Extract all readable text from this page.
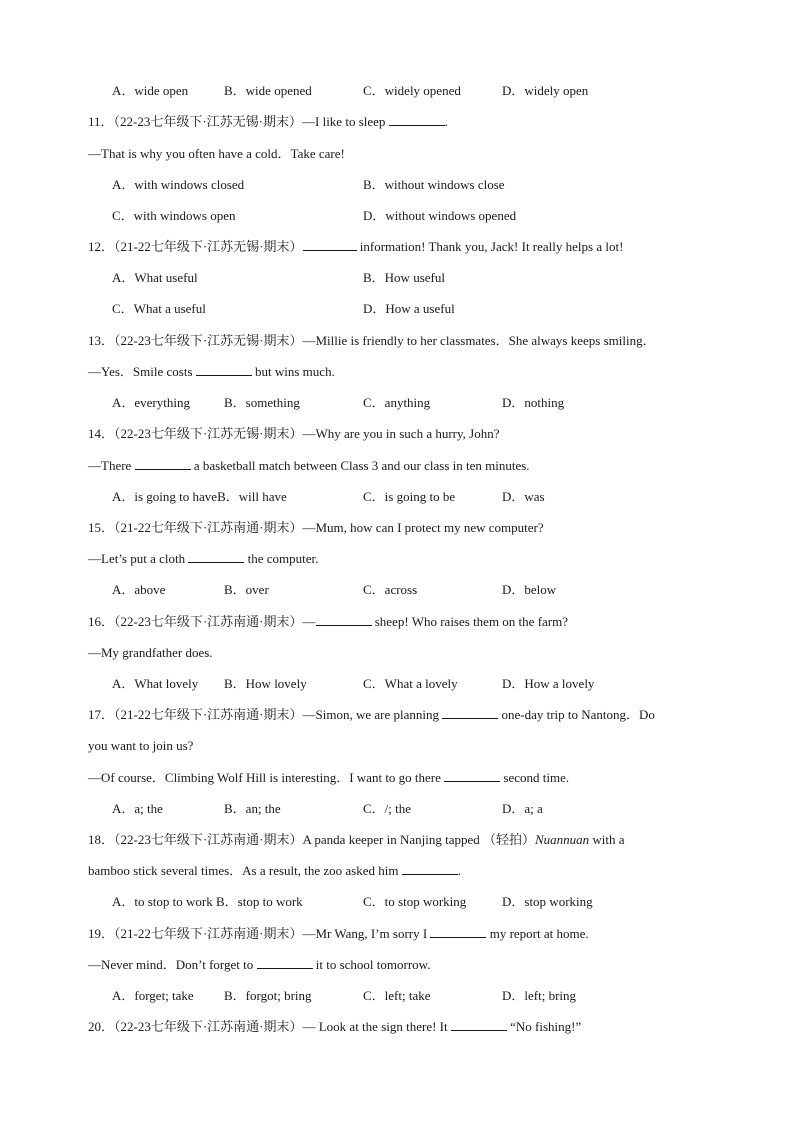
A．wide open	B．wide opened	C．widely opened	D．widely open
11．（22-23七年级下·江苏无锡·期末）—I like to sleep	.
—That is why you often have a cold．Take care!
A．with windows closed	B．without windows close
C．with windows open	D．without windows opened
12．（21-22七年级下·江苏无锡·期末）	information! Thank you, Jack! It really helps a lot!
A．What useful	B．How useful
C．What a useful	D．How a useful
13．（22-23七年级下·江苏无锡·期末）—Millie is friendly to her classmates．She always keeps smiling．
—Yes．Smile costs	but wins much.
A．everything	B．something	C．anything	D．nothing
14．（22-23七年级下·江苏无锡·期末）—Why are you in such a hurry, John?
—There	a basketball match between Class 3 and our class in ten minutes.
A．is going to haveB．will have	C．is going to be	D．was
15．（21-22七年级下·江苏南通·期末）—Mum, how can I protect my new computer?
—Let’s put a cloth	the computer.
A．above	B．over	C．across	D．below
16．（22-23七年级下·江苏南通·期末）—	sheep! Who raises them on the farm?
—My grandfather does.
A．What lovely B．How lovely	C．What a lovely	D．How a lovely
17．（21-22七年级下·江苏南通·期末）—Simon, we are planning	one-day trip to Nantong．Do
you want to join us?
—Of course．Climbing Wolf Hill is interesting．I want to go there	second time.
A．a; the	B．an; the	C．/; the	D．a; a
18．（22-23七年级下·江苏南通·期末）A panda keeper in Nanjing tapped （轻拍）Nuannuan with a
bamboo stick several times．As a result, the zoo asked him	.
A．to stop to work B．stop to work	C．to stop working	D．stop working
19．（21-22七年级下·江苏南通·期末）—Mr Wang, I’m sorry I	my report at home.
—Never mind．Don’t forget to	it to school tomorrow.
A．forget; take B．forgot; bring	C．left; take	D．left; bring
20．（22-23七年级下·江苏南通·期末）— Look at the sign there! It	“No fishing!”
